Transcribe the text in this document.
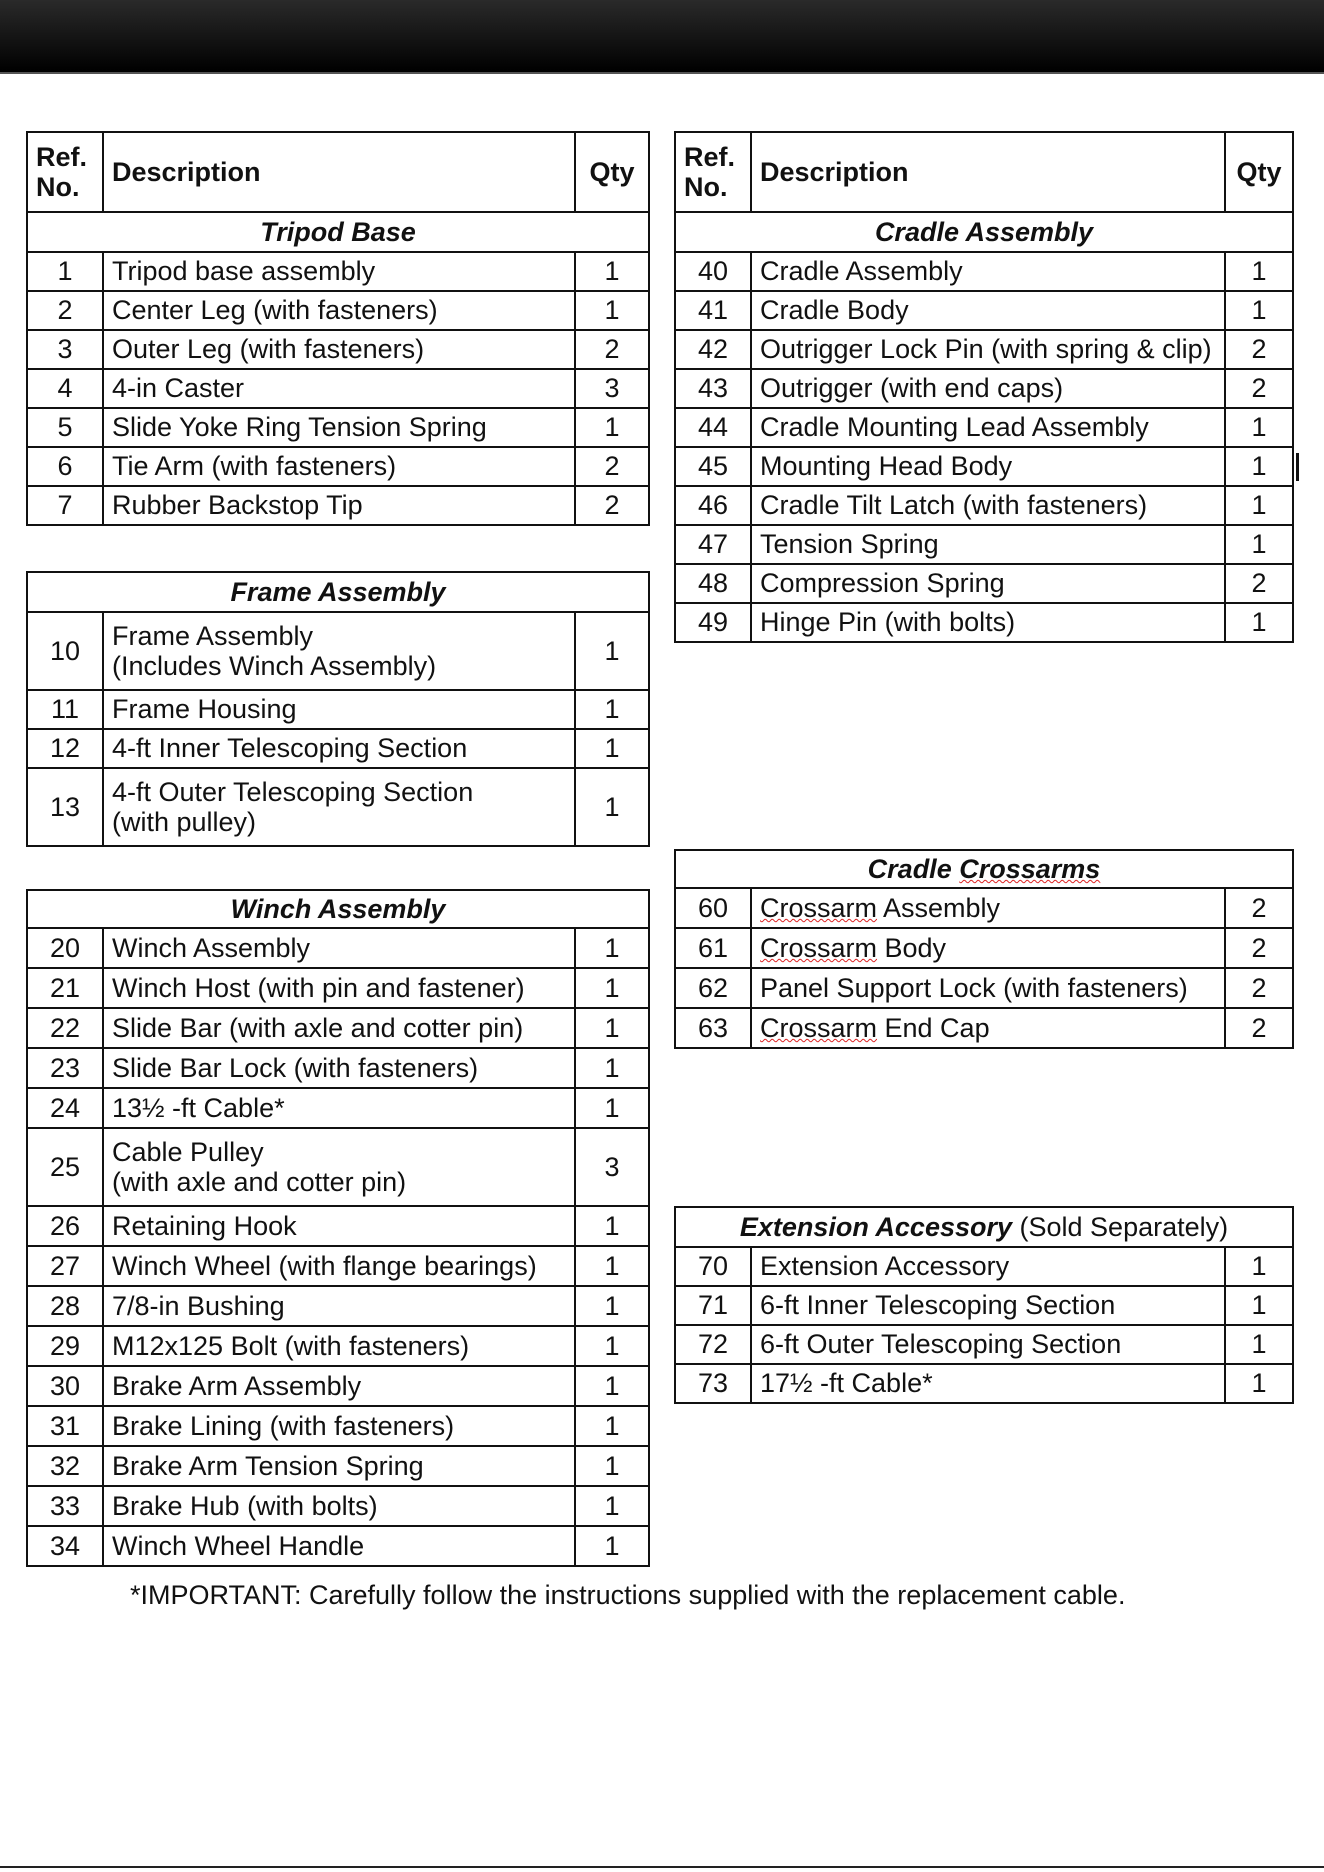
Ref.
No.	Description	Qty
Tripod Base		
1	Tripod base assembly	1
2	Center Leg (with fasteners)	1
3	Outer Leg (with fasteners)	2
4	4-in Caster	3
5	Slide Yoke Ring Tension Spring	1
6	Tie Arm (with fasteners)	2
7	Rubber Backstop Tip	2
Frame Assembly		
10	Frame Assembly
(Includes Winch Assembly)	1
11	Frame Housing	1
12	4-ft Inner Telescoping Section	1
13	4-ft Outer Telescoping Section
(with pulley)	1
Winch Assembly		
20	Winch Assembly	1
21	Winch Host (with pin and fastener)	1
22	Slide Bar (with axle and cotter pin)	1
23	Slide Bar Lock (with fasteners)	1
24	13½ -ft Cable*	1
25	Cable Pulley
(with axle and cotter pin)	3
26	Retaining Hook	1
27	Winch Wheel (with flange bearings)	1
28	7/8-in Bushing	1
29	M12x125 Bolt (with fasteners)	1
30	Brake Arm Assembly	1
31	Brake Lining (with fasteners)	1
32	Brake Arm Tension Spring	1
33	Brake Hub (with bolts)	1
34	Winch Wheel Handle	1
Ref.
No.	Description	Qty
Cradle Assembly		
40	Cradle Assembly	1
41	Cradle Body	1
42	Outrigger Lock Pin (with spring & clip)	2
43	Outrigger (with end caps)	2
44	Cradle Mounting Lead Assembly	1
45	Mounting Head Body	1
46	Cradle Tilt Latch (with fasteners)	1
47	Tension Spring	1
48	Compression Spring	2
49	Hinge Pin (with bolts)	1
Cradle Crossarms		
60	Crossarm Assembly	2
61	Crossarm Body	2
62	Panel Support Lock (with fasteners)	2
63	Crossarm End Cap	2
Extension Accessory (Sold Separately)		
70	Extension Accessory	1
71	6-ft Inner Telescoping Section	1
72	6-ft Outer Telescoping Section	1
73	17½ -ft Cable*	1
*IMPORTANT: Carefully follow the instructions supplied with the replacement cable.
